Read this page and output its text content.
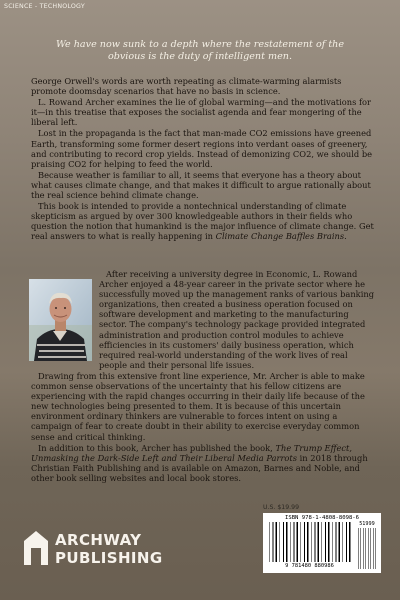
SCIENCE - TECHNOLOGY
We have now sunk to a depth where the restatement of the obvious is the duty of intelligent men.

George Orwell's words are worth repeating as climate-warming alarmists promote doomsday scenarios that have no basis in science.

L. Rowand Archer examines the lie of global warming—and the motivations for it—in this treatise that exposes the socialist agenda and fear mongering of the liberal left.

Lost in the propaganda is the fact that man-made CO2 emissions have greened Earth, transforming some former desert regions into verdant oases of greenery, and contributing to record crop yields. Instead of demonizing CO2, we should be praising CO2 for helping to feed the world.

Because weather is familiar to all, it seems that everyone has a theory about what causes climate change, and that makes it difficult to argue rationally about the real science behind climate change.

This book is intended to provide a nontechnical understanding of climate skepticism as argued by over 300 knowledgeable authors in their fields who question the notion that humankind is the major influence of climate change. Get real answers to what is really happening in Climate Change Baffles Brains.

After receiving a university degree in Economic, L. Rowand Archer enjoyed a 48-year career in the private sector where he successfully moved up the management ranks of various banking organizations, then created a business operation focused on software development and marketing to the manufacturing sector. The company's technology package provided integrated administration and production control modules to achieve efficiencies in its customers' daily business operation, which required real-world understanding of the work lives of real people and their personal life issues.

Drawing from this extensive front line experience, Mr. Archer is able to make common sense observations of the uncertainty that his fellow citizens are experiencing with the rapid changes occurring in their daily life because of the new technologies being presented to them. It is because of this uncertain environment ordinary thinkers are vulnerable to forces intent on using a campaign of fear to create doubt in their ability to exercise everyday common sense and critical thinking.

In addition to this book, Archer has published the book, The Trump Effect, Unmasking the Dark-Side Left and Their Liberal Media Parrots in 2018 through Christian Faith Publishing and is available on Amazon, Barnes and Noble, and other book selling websites and local book stores.

U.S. $19.99
ISBN 978-1-4808-8098-6
9 781480 880986
51999
ARCHWAY
PUBLISHING
